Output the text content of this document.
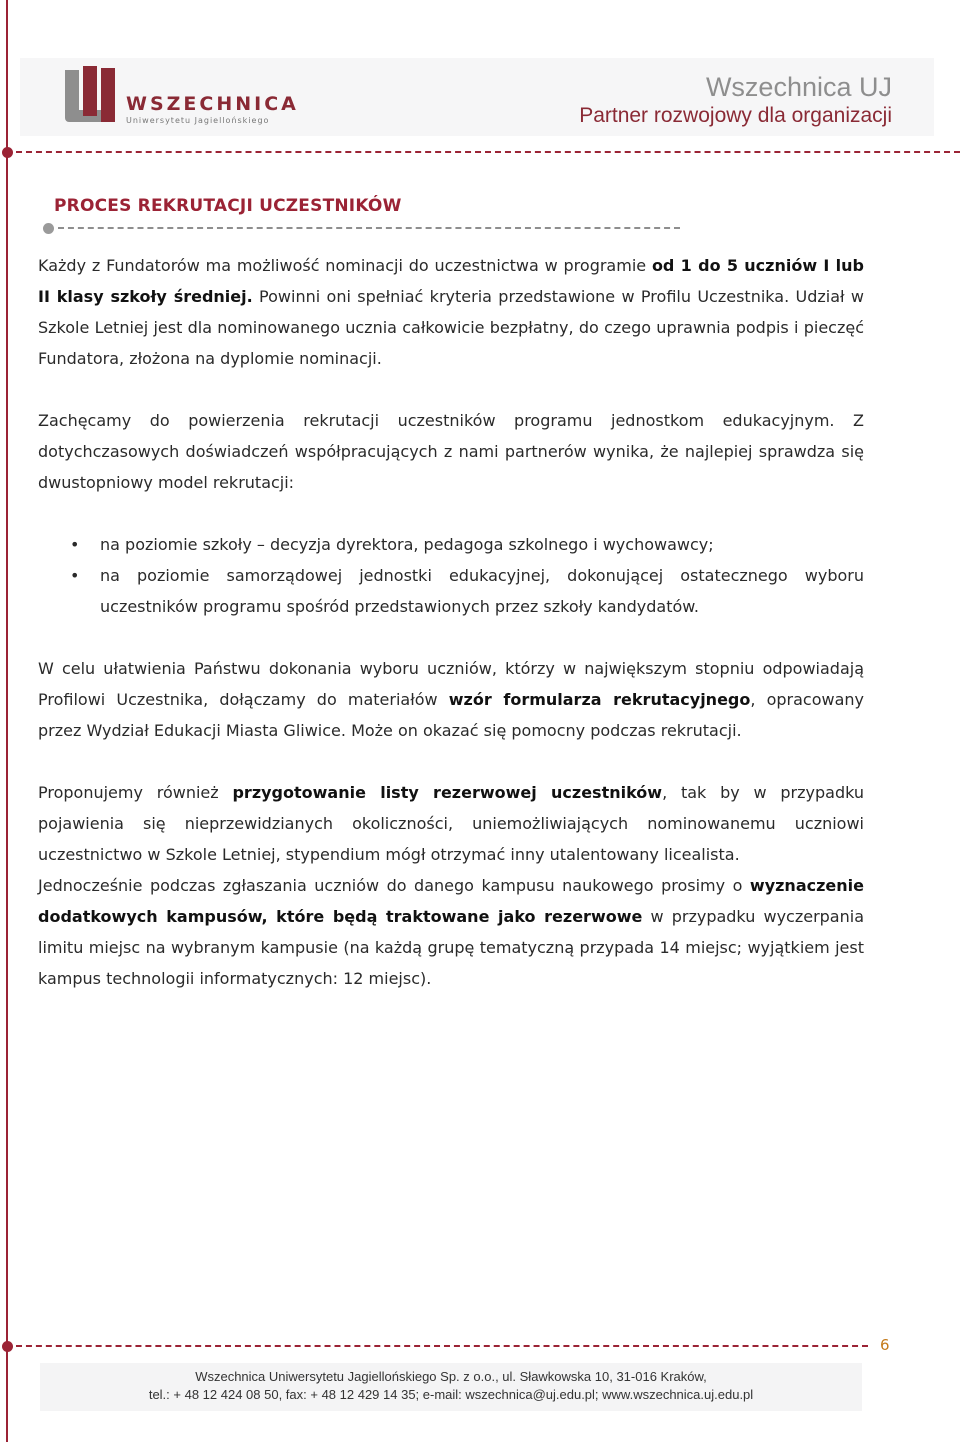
WSZECHNICA
Uniwersytetu Jagiellońskiego
Wszechnica UJ
Partner rozwojowy dla organizacji
PROCES REKRUTACJI UCZESTNIKÓW

Każdy z Fundatorów ma możliwość nominacji do uczestnictwa w programie od 1 do 5 uczniów I lub II klasy szkoły średniej. Powinni oni spełniać kryteria przedstawione w Profilu Uczestnika. Udział w Szkole Letniej jest dla nominowanego ucznia całkowicie bezpłatny, do czego uprawnia podpis i pieczęć Fundatora, złożona na dyplomie nominacji.

Zachęcamy do powierzenia rekrutacji uczestników programu jednostkom edukacyjnym. Z dotychczasowych doświadczeń współpracujących z nami partnerów wynika, że najlepiej sprawdza się dwustopniowy model rekrutacji:

• na poziomie szkoły – decyzja dyrektora, pedagoga szkolnego i wychowawcy;
• na poziomie samorządowej jednostki edukacyjnej, dokonującej ostatecznego wyboru uczestników programu spośród przedstawionych przez szkoły kandydatów.

W celu ułatwienia Państwu dokonania wyboru uczniów, którzy w największym stopniu odpowiadają Profilowi Uczestnika, dołączamy do materiałów wzór formularza rekrutacyjnego, opracowany przez Wydział Edukacji Miasta Gliwice. Może on okazać się pomocny podczas rekrutacji.

Proponujemy również przygotowanie listy rezerwowej uczestników, tak by w przypadku pojawienia się nieprzewidzianych okoliczności, uniemożliwiających nominowanemu uczniowi uczestnictwo w Szkole Letniej, stypendium mógł otrzymać inny utalentowany licealista.

Jednocześnie podczas zgłaszania uczniów do danego kampusu naukowego prosimy o wyznaczenie dodatkowych kampusów, które będą traktowane jako rezerwowe w przypadku wyczerpania limitu miejsc na wybranym kampusie (na każdą grupę tematyczną przypada 14 miejsc; wyjątkiem jest kampus technologii informatycznych: 12 miejsc).

6
Wszechnica Uniwersytetu Jagiellońskiego Sp. z o.o., ul. Sławkowska 10, 31-016 Kraków,
tel.: + 48 12 424 08 50, fax: + 48 12 429 14 35; e-mail: wszechnica@uj.edu.pl; www.wszechnica.uj.edu.pl
